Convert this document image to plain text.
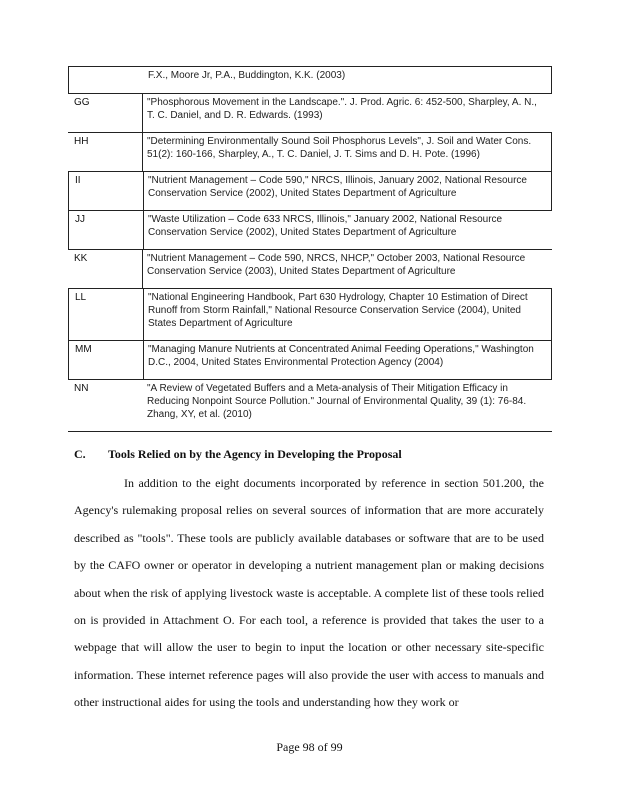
F.X., Moore Jr, P.A., Buddington, K.K. (2003)
GG	"Phosphorous Movement in the Landscape.". J. Prod. Agric. 6: 452-500, Sharpley, A. N., T. C. Daniel, and D. R. Edwards. (1993)
HH	"Determining Environmentally Sound Soil Phosphorus Levels", J. Soil and Water Cons. 51(2): 160-166, Sharpley, A., T. C. Daniel, J. T. Sims and D. H. Pote. (1996)
II	"Nutrient Management – Code 590," NRCS, Illinois, January 2002, National Resource Conservation Service (2002), United States Department of Agriculture
JJ	"Waste Utilization – Code 633 NRCS, Illinois," January 2002, National Resource Conservation Service (2002), United States Department of Agriculture
KK	"Nutrient Management – Code 590, NRCS, NHCP," October 2003, National Resource Conservation Service (2003), United States Department of Agriculture
LL	"National Engineering Handbook, Part 630 Hydrology, Chapter 10 Estimation of Direct Runoff from Storm Rainfall," National Resource Conservation Service (2004), United States Department of Agriculture
MM	"Managing Manure Nutrients at Concentrated Animal Feeding Operations," Washington D.C., 2004, United States Environmental Protection Agency (2004)
NN	"A Review of Vegetated Buffers and a Meta-analysis of Their Mitigation Efficacy in Reducing Nonpoint Source Pollution." Journal of Environmental Quality, 39 (1): 76-84. Zhang, XY, et al. (2010)
C.	Tools Relied on by the Agency in Developing the Proposal

In addition to the eight documents incorporated by reference in section 501.200, the Agency's rulemaking proposal relies on several sources of information that are more accurately described as "tools". These tools are publicly available databases or software that are to be used by the CAFO owner or operator in developing a nutrient management plan or making decisions about when the risk of applying livestock waste is acceptable. A complete list of these tools relied on is provided in Attachment O. For each tool, a reference is provided that takes the user to a webpage that will allow the user to begin to input the location or other necessary site-specific information. These internet reference pages will also provide the user with access to manuals and other instructional aides for using the tools and understanding how they work or

Page 98 of 99
